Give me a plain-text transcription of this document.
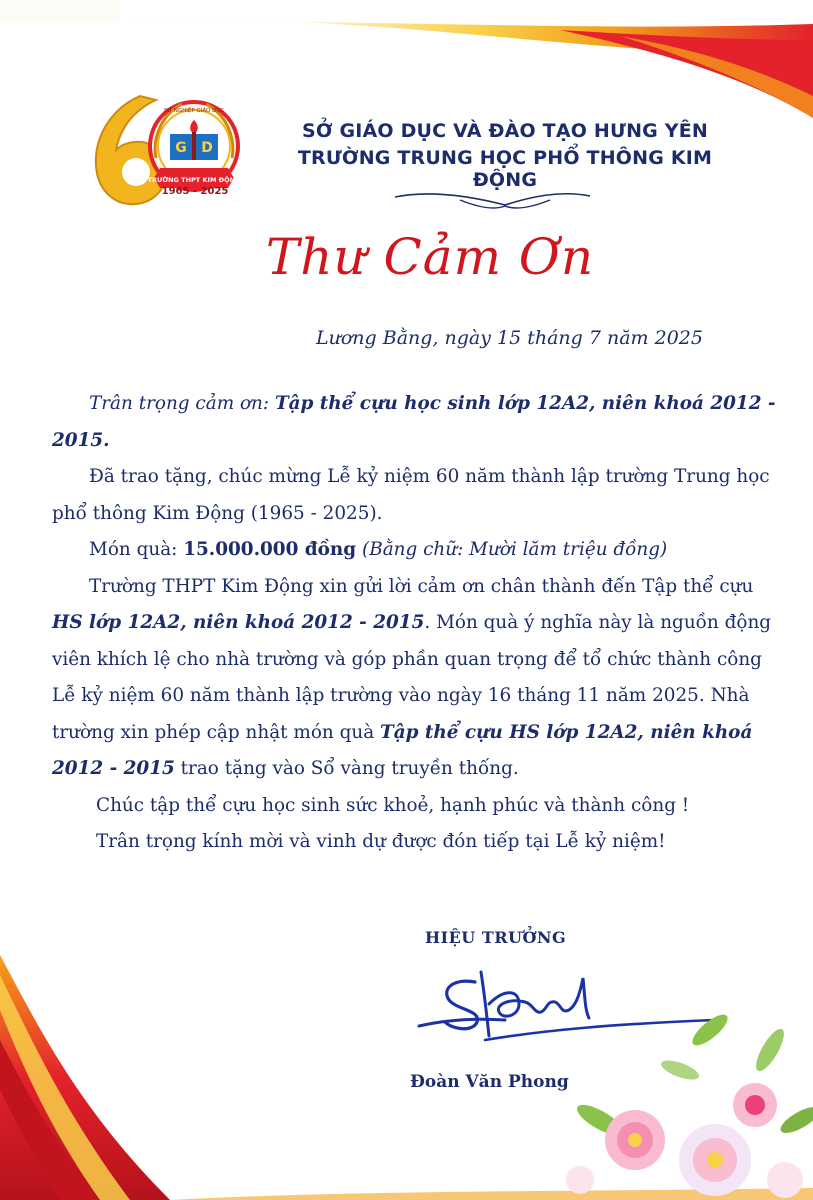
G D
TRƯỜNG THPT KIM ĐỘNG
SỰ NGHIỆP GIÁO DỤC
1965 - 2025
SỞ GIÁO DỤC VÀ ĐÀO TẠO HƯNG YÊN
TRƯỜNG TRUNG HỌC PHỔ THÔNG KIM ĐỘNG
Thư Cảm Ơn
Lương Bằng, ngày 15 tháng 7 năm 2025

Trân trọng cảm ơn: Tập thể cựu học sinh lớp 12A2, niên khoá 2012 - 2015.

Đã trao tặng, chúc mừng Lễ kỷ niệm 60 năm thành lập trường Trung học phổ thông Kim Động (1965 - 2025).

Món quà: 15.000.000 đồng (Bằng chữ: Mười lăm triệu đồng)

Trường THPT Kim Động xin gửi lời cảm ơn chân thành đến Tập thể cựu HS lớp 12A2, niên khoá 2012 - 2015. Món quà ý nghĩa này là nguồn động viên khích lệ cho nhà trường và góp phần quan trọng để tổ chức thành công Lễ kỷ niệm 60 năm thành lập trường vào ngày 16 tháng 11 năm 2025. Nhà trường xin phép cập nhật món quà Tập thể cựu HS lớp 12A2, niên khoá 2012 - 2015 trao tặng vào Sổ vàng truyền thống.

Chúc tập thể cựu học sinh sức khoẻ, hạnh phúc và thành công !

Trân trọng kính mời và vinh dự được đón tiếp tại Lễ kỷ niệm!

HIỆU TRƯỞNG
Đoàn Văn Phong
